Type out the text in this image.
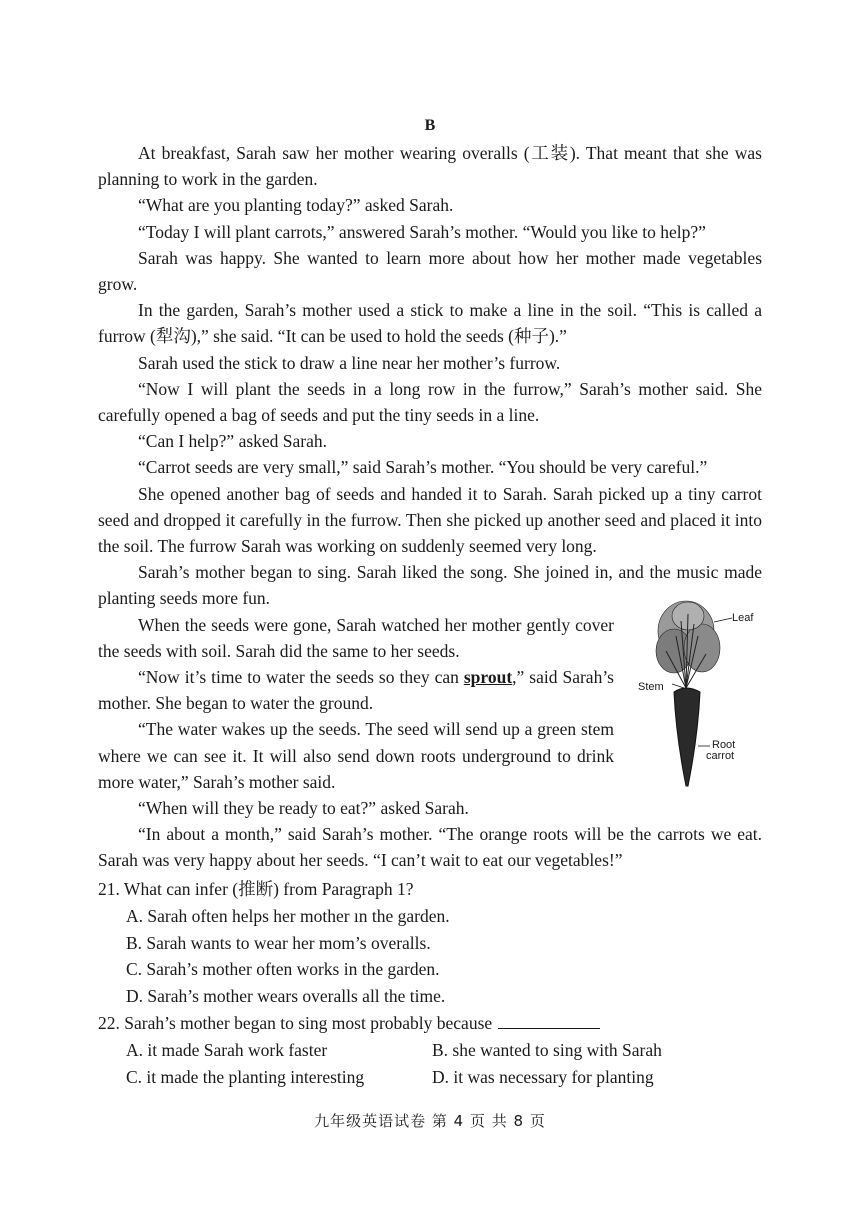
B

At breakfast, Sarah saw her mother wearing overalls (工装). That meant that she was planning to work in the garden.

“What are you planting today?” asked Sarah.

“Today I will plant carrots,” answered Sarah’s mother. “Would you like to help?”

Sarah was happy. She wanted to learn more about how her mother made vegetables grow.

In the garden, Sarah’s mother used a stick to make a line in the soil. “This is called a furrow (犁沟),” she said. “It can be used to hold the seeds (种子).”

Sarah used the stick to draw a line near her mother’s furrow.

“Now I will plant the seeds in a long row in the furrow,” Sarah’s mother said. She carefully opened a bag of seeds and put the tiny seeds in a line.

“Can I help?” asked Sarah.

“Carrot seeds are very small,” said Sarah’s mother. “You should be very careful.”

She opened another bag of seeds and handed it to Sarah. Sarah picked up a tiny carrot seed and dropped it carefully in the furrow. Then she picked up another seed and placed it into the soil. The furrow Sarah was working on suddenly seemed very long.

Sarah’s mother began to sing. Sarah liked the song. She joined in, and the music made planting seeds more fun.

When the seeds were gone, Sarah watched her mother gently cover the seeds with soil. Sarah did the same to her seeds.

“Now it’s time to water the seeds so they can sprout,” said Sarah’s mother. She began to water the ground.

“The water wakes up the seeds. The seed will send up a green stem where we can see it. It will also send down roots underground to drink more water,” Sarah’s mother said.

“When will they be ready to eat?” asked Sarah.

“In about a month,” said Sarah’s mother. “The orange roots will be the carrots we eat. Sarah was very happy about her seeds. “I can’t wait to eat our vegetables!”

Leaf
Stem
Root
carrot

21. What can infer (推断) from Paragraph 1?

A. Sarah often helps her mother ın the garden.

B. Sarah wants to wear her mom’s overalls.

C. Sarah’s mother often works in the garden.

D. Sarah’s mother wears overalls all the time.

22. Sarah’s mother began to sing most probably because

A. it made Sarah work faster	B. she wanted to sing with Sarah
C. it made the planting interesting	D. it was necessary for planting
九年级英语试卷 第 4 页 共 8 页
